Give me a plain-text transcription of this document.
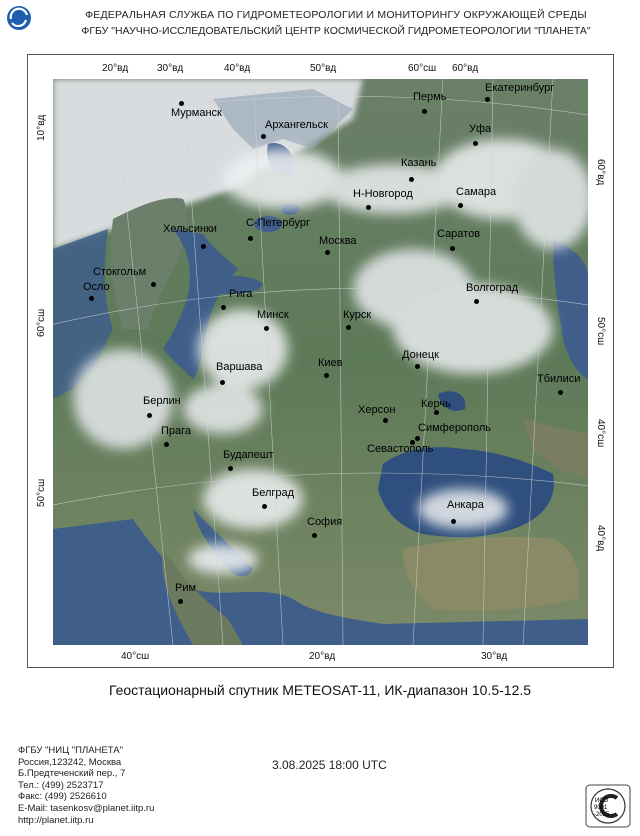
ФЕДЕРАЛЬНАЯ СЛУЖБА ПО ГИДРОМЕТЕОРОЛОГИИ И МОНИТОРИНГУ ОКРУЖАЮЩЕЙ СРЕДЫ
ФГБУ "НАУЧНО-ИССЛЕДОВАТЕЛЬСКИЙ ЦЕНТР КОСМИЧЕСКОЙ ГИДРОМЕТЕОРОЛОГИИ "ПЛАНЕТА"
20°вд	30°вд	40°вд	50°вд	60°сш 60°вд
40°сш	20°вд	30°вд
10°вд
60°сш
50°сш
60°вд
50°сш
40°сш
40°вд
Мурманск
Архангельск
Пермь
Екатеринбург
Уфа
Казань
Н-Новгород	Самара
Хельсинки	С-Петербург
Москва
Саратов
Стокгольм
Осло
Рига	Волгоград
Минск	Курск
Варшава	Киев
Донецк
Берлин
Херсон Керчь
Тбилиси
Прага	Симферополь
Севастополь
Будапешт
Белград
София
Анкара
Рим
Геостационарный спутник METEOSAT-11, ИК-диапазон 10.5-12.5
ФГБУ "НИЦ "ПЛАНЕТА"
Россия,123242, Москва
Б.Предтеченский пер., 7
Тел.: (499) 2523717
Факс: (499) 2526610
E-Mail: tasenkosv@planet.iitp.ru
http://planet.iitp.ru
3.08.2025 18:00 UTC
ИСО
9001
-2015
